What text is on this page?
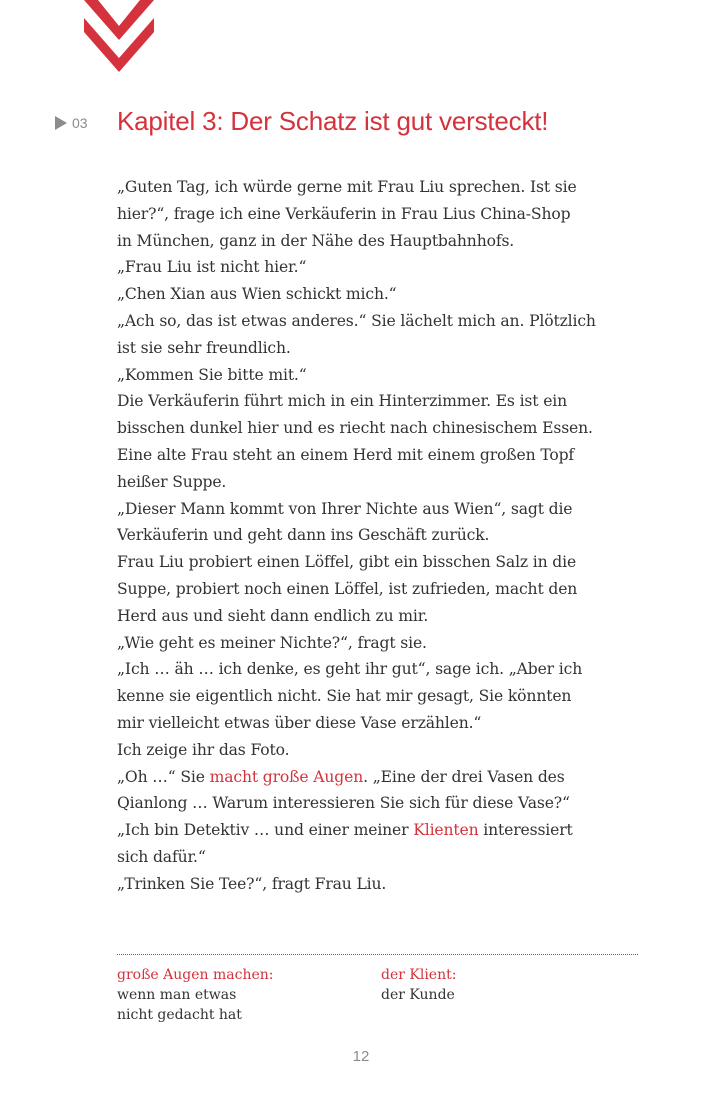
03 Kapitel 3: Der Schatz ist gut versteckt!

„Guten Tag, ich würde gerne mit Frau Liu sprechen. Ist sie

hier?“, frage ich eine Verkäuferin in Frau Lius China-Shop

in München, ganz in der Nähe des Hauptbahnhofs.

„Frau Liu ist nicht hier.“

„Chen Xian aus Wien schickt mich.“

„Ach so, das ist etwas anderes.“ Sie lächelt mich an. Plötzlich

ist sie sehr freundlich.

„Kommen Sie bitte mit.“

Die Verkäuferin führt mich in ein Hinterzimmer. Es ist ein

bisschen dunkel hier und es riecht nach chinesischem Essen.

Eine alte Frau steht an einem Herd mit einem großen Topf

heißer Suppe.

„Dieser Mann kommt von Ihrer Nichte aus Wien“, sagt die

Verkäuferin und geht dann ins Geschäft zurück.

Frau Liu probiert einen Löffel, gibt ein bisschen Salz in die

Suppe, probiert noch einen Löffel, ist zufrieden, macht den

Herd aus und sieht dann endlich zu mir.

„Wie geht es meiner Nichte?“, fragt sie.

„Ich … äh … ich denke, es geht ihr gut“, sage ich. „Aber ich

kenne sie eigentlich nicht. Sie hat mir gesagt, Sie könnten

mir vielleicht etwas über diese Vase erzählen.“

Ich zeige ihr das Foto.

„Oh …“ Sie macht große Augen. „Eine der drei Vasen des

Qianlong … Warum interessieren Sie sich für diese Vase?“

„Ich bin Detektiv … und einer meiner Klienten interessiert

sich dafür.“

„Trinken Sie Tee?“, fragt Frau Liu.

große Augen machen:
wenn man etwas
nicht gedacht hat
der Klient:
der Kunde
12
